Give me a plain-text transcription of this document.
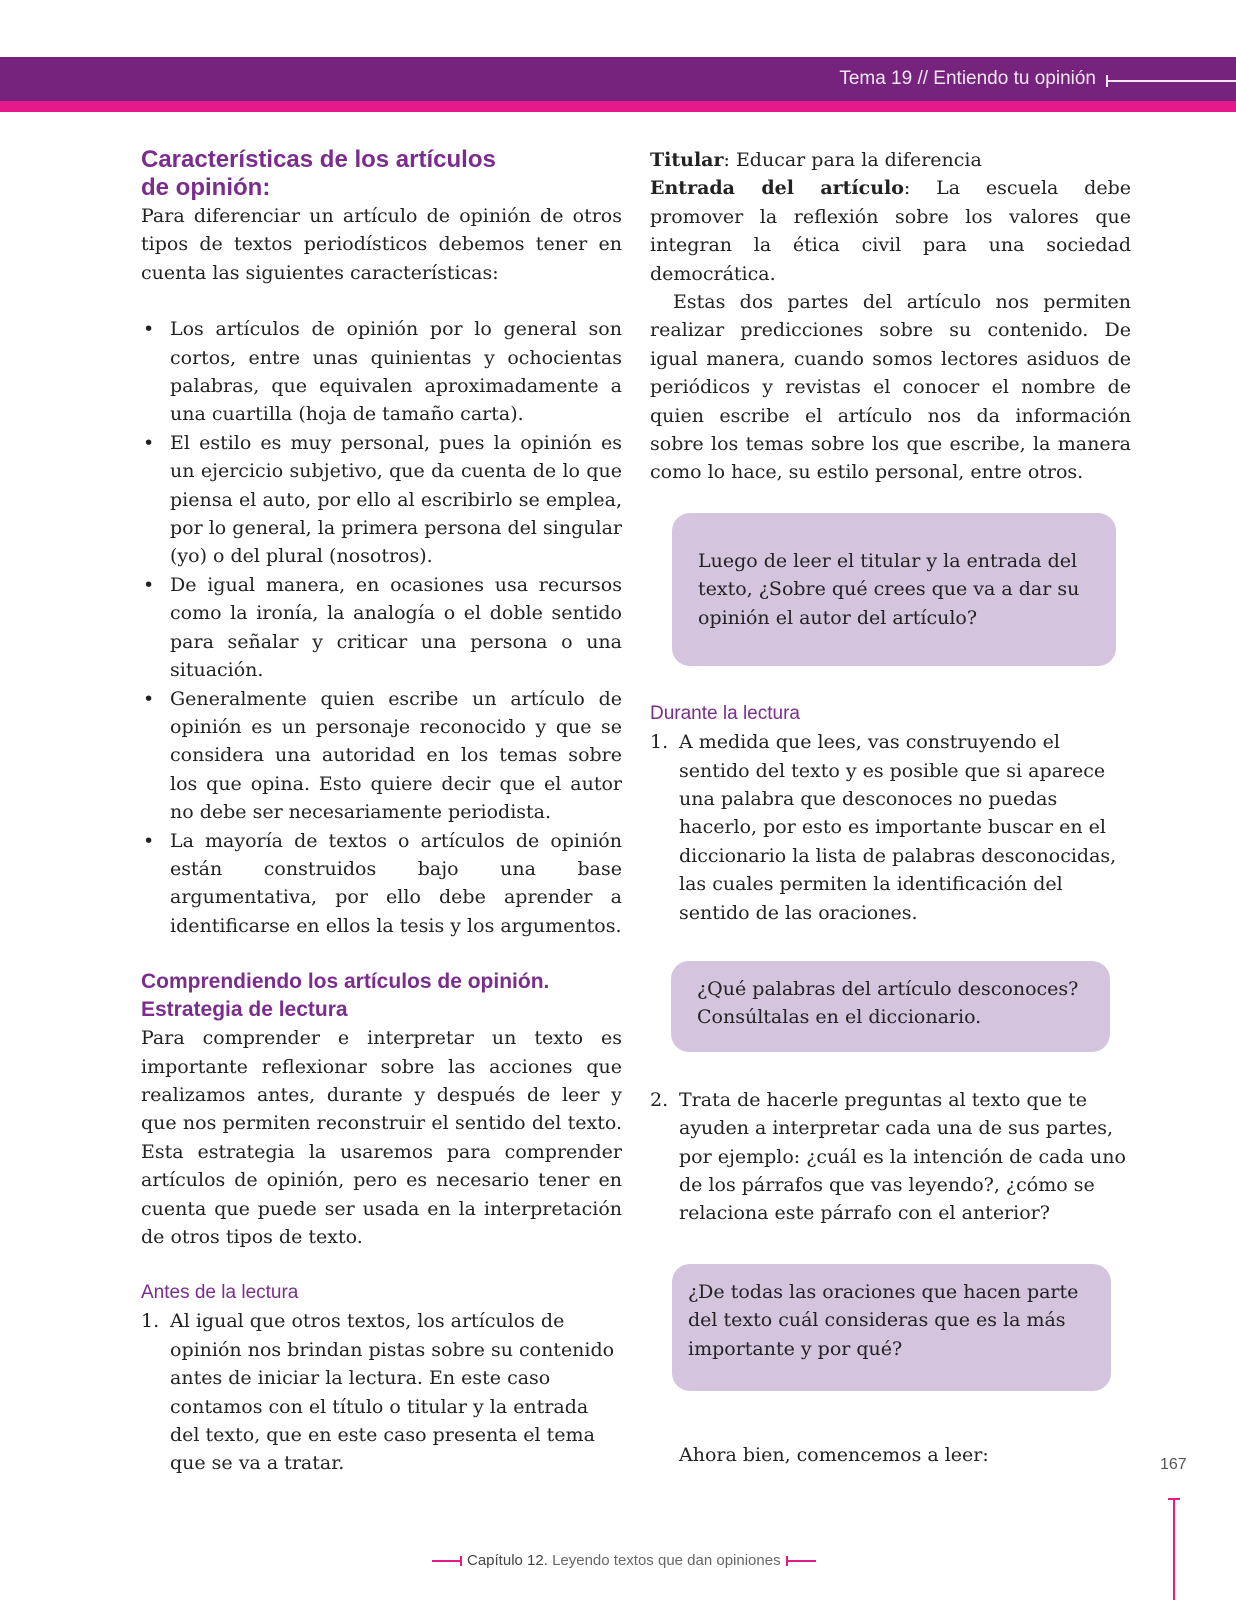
Tema 19 // Entiendo tu opinión
Características de los artículos
de opinión:

Para diferenciar un artículo de opinión de otros tipos de textos periodísticos debemos tener en cuenta las siguientes características:

• Los artículos de opinión por lo general son cortos, entre unas quinientas y ochocientas palabras, que equivalen aproximadamente a una cuartilla (hoja de tamaño carta).
• El estilo es muy personal, pues la opinión es un ejercicio subjetivo, que da cuenta de lo que piensa el auto, por ello al escribirlo se emplea, por lo general, la primera persona del singular (yo) o del plural (nosotros).
• De igual manera, en ocasiones usa recursos como la ironía, la analogía o el doble sentido para señalar y criticar una persona o una situación.
• Generalmente quien escribe un artículo de opinión es un personaje reconocido y que se considera una autoridad en los temas sobre los que opina. Esto quiere decir que el autor no debe ser necesariamente periodista.
• La mayoría de textos o artículos de opinión están construidos bajo una base argumentativa, por ello debe aprender a identificarse en ellos la tesis y los argumentos.
Comprendiendo los artículos de opinión.
Estrategia de lectura

Para comprender e interpretar un texto es importante reflexionar sobre las acciones que realizamos antes, durante y después de leer y que nos permiten reconstruir el sentido del texto. Esta estrategia la usaremos para comprender artículos de opinión, pero es necesario tener en cuenta que puede ser usada en la interpretación de otros tipos de texto.

Antes de la lectura
1. Al igual que otros textos, los artículos de opinión nos brindan pistas sobre su contenido antes de iniciar la lectura. En este caso contamos con el título o titular y la entrada del texto, que en este caso presenta el tema que se va a tratar.

Titular: Educar para la diferencia

Entrada del artículo: La escuela debe promover la reflexión sobre los valores que integran la ética civil para una sociedad democrática.

Estas dos partes del artículo nos permiten realizar predicciones sobre su contenido. De igual manera, cuando somos lectores asiduos de periódicos y revistas el conocer el nombre de quien escribe el artículo nos da información sobre los temas sobre los que escribe, la manera como lo hace, su estilo personal, entre otros.

Luego de leer el titular y la entrada del texto, ¿Sobre qué crees que va a dar su opinión el autor del artículo?

Durante la lectura
1. A medida que lees, vas construyendo el sentido del texto y es posible que si aparece una palabra que desconoces no puedas hacerlo, por esto es importante buscar en el diccionario la lista de palabras desconocidas, las cuales permiten la identificación del sentido de las oraciones.

¿Qué palabras del artículo desconoces? Consúltalas en el diccionario.

2. Trata de hacerle preguntas al texto que te ayuden a interpretar cada una de sus partes, por ejemplo: ¿cuál es la intención de cada uno de los párrafos que vas leyendo?, ¿cómo se relaciona este párrafo con el anterior?

¿De todas las oraciones que hacen parte del texto cuál consideras que es la más importante y por qué?

Ahora bien, comencemos a leer:	167
Capítulo 12. Leyendo textos que dan opiniones
